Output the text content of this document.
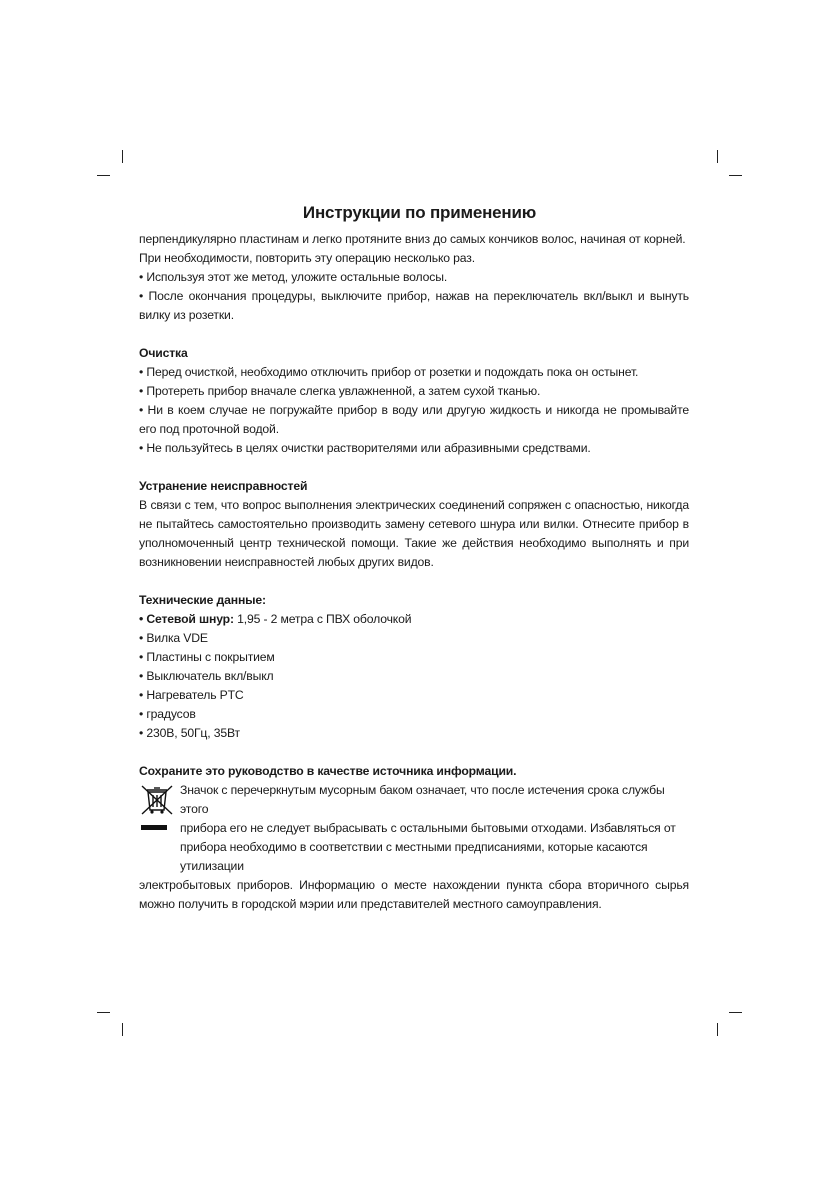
Инструкции по применению

перпендикулярно пластинам и легко протяните вниз до самых кончиков волос, начиная от корней.

При необходимости, повторить эту операцию несколько раз.

• Используя этот же метод, уложите остальные волосы.

• После окончания процедуры, выключите прибор, нажав на переключатель вкл/выкл и вынуть вилку из розетки.

Очистка

• Перед очисткой, необходимо отключить прибор от розетки и подождать пока он остынет.

• Протереть прибор вначале слегка увлажненной, а затем сухой тканью.

• Ни в коем случае не погружайте прибор в воду или другую жидкость и никогда не промывайте его под проточной водой.

• Не пользуйтесь в целях очистки растворителями или абразивными средствами.

Устранение неисправностей

В связи с тем, что вопрос выполнения электрических соединений сопряжен с опасностью, никогда не пытайтесь самостоятельно производить замену сетевого шнура или вилки. Отнесите прибор в уполномоченный центр технической помощи. Такие же действия необходимо выполнять и при возникновении неисправностей любых других видов.

Технические данные:

• Сетевой шнур: 1,95 - 2 метра с ПВХ оболочкой

• Вилка VDE

• Пластины с покрытием

• Выключатель вкл/выкл

• Нагреватель PTC

• градусов

• 230В, 50Гц, 35Вт

Сохраните это руководство в качестве источника информации.

Значок с перечеркнутым мусорным баком означает, что после истечения срока службы этого

прибора его не следует выбрасывать с остальными бытовыми отходами. Избавляться от

прибора необходимо в соответствии с местными предписаниями, которые касаются утилизации

электробытовых приборов. Информацию о месте нахождении пункта сбора вторичного сырья можно получить в городской мэрии или представителей местного самоуправления.
